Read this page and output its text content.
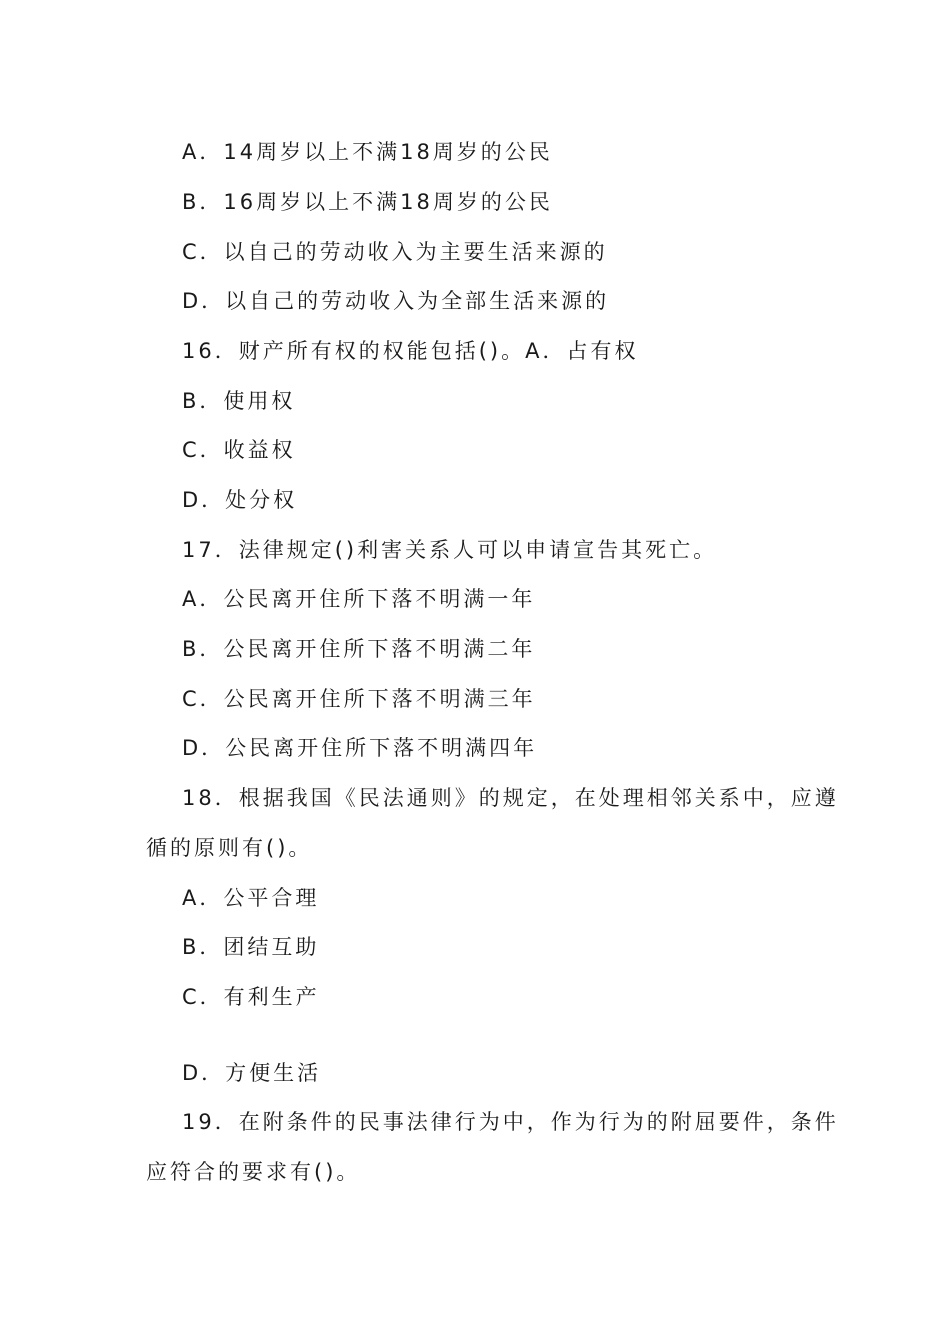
A．14周岁以上不满18周岁的公民
B．16周岁以上不满18周岁的公民
C．以自己的劳动收入为主要生活来源的
D．以自己的劳动收入为全部生活来源的
16．财产所有权的权能包括()。A．占有权
B．使用权
C．收益权
D．处分权
17．法律规定()利害关系人可以申请宣告其死亡。
A．公民离开住所下落不明满一年
B．公民离开住所下落不明满二年
C．公民离开住所下落不明满三年
D．公民离开住所下落不明满四年
18．根据我国《民法通则》的规定，在处理相邻关系中，应遵
循的原则有()。
A．公平合理
B．团结互助
C．有利生产
D．方便生活
19．在附条件的民事法律行为中，作为行为的附屈要件，条件
应符合的要求有()。
